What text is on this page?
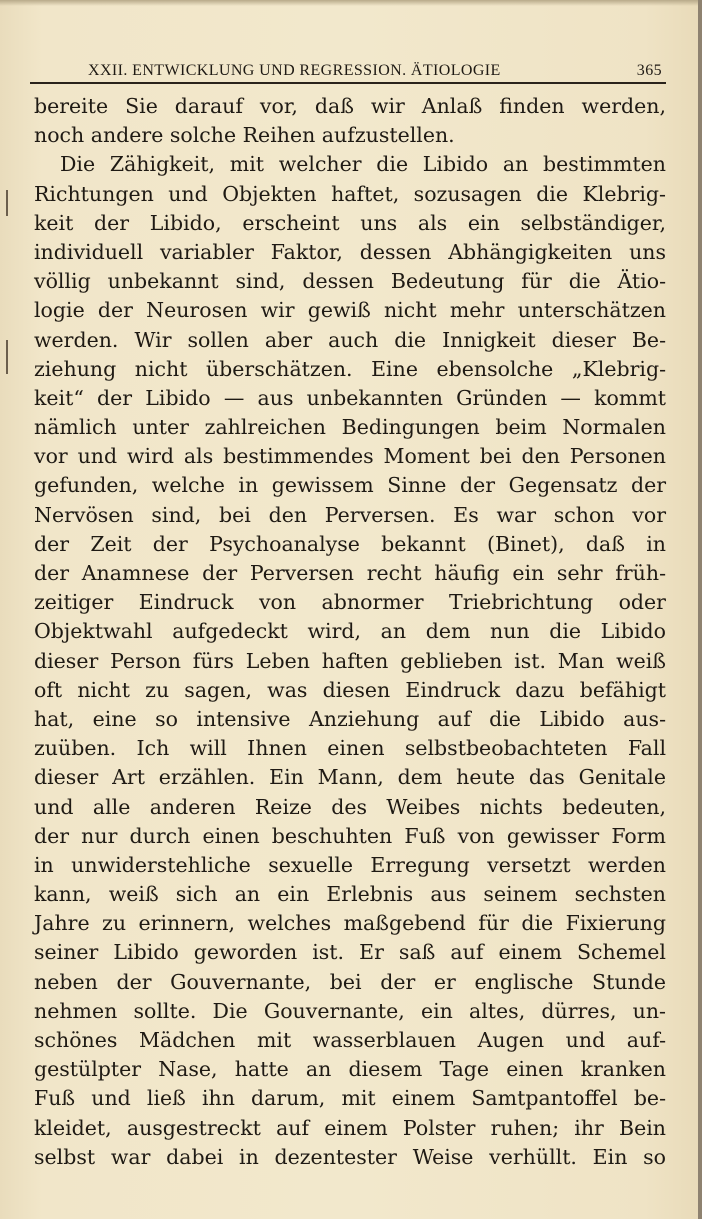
XXII. ENTWICKLUNG UND REGRESSION. ÄTIOLOGIE	365
bereite Sie darauf vor, daß wir Anlaß finden werden,
noch andere solche Reihen aufzustellen.
Die Zähigkeit, mit welcher die Libido an bestimmten
Richtungen und Objekten haftet, sozusagen die Klebrig-
keit der Libido, erscheint uns als ein selbständiger,
individuell variabler Faktor, dessen Abhängigkeiten uns
völlig unbekannt sind, dessen Bedeutung für die Ätio-
logie der Neurosen wir gewiß nicht mehr unterschätzen
werden. Wir sollen aber auch die Innigkeit dieser Be-
ziehung nicht überschätzen. Eine ebensolche „Klebrig-
keit“ der Libido — aus unbekannten Gründen — kommt
nämlich unter zahlreichen Bedingungen beim Normalen
vor und wird als bestimmendes Moment bei den Personen
gefunden, welche in gewissem Sinne der Gegensatz der
Nervösen sind, bei den Perversen. Es war schon vor
der Zeit der Psychoanalyse bekannt (Binet), daß in
der Anamnese der Perversen recht häufig ein sehr früh-
zeitiger Eindruck von abnormer Triebrichtung oder
Objektwahl aufgedeckt wird, an dem nun die Libido
dieser Person fürs Leben haften geblieben ist. Man weiß
oft nicht zu sagen, was diesen Eindruck dazu befähigt
hat, eine so intensive Anziehung auf die Libido aus-
zuüben. Ich will Ihnen einen selbstbeobachteten Fall
dieser Art erzählen. Ein Mann, dem heute das Genitale
und alle anderen Reize des Weibes nichts bedeuten,
der nur durch einen beschuhten Fuß von gewisser Form
in unwiderstehliche sexuelle Erregung versetzt werden
kann, weiß sich an ein Erlebnis aus seinem sechsten
Jahre zu erinnern, welches maßgebend für die Fixierung
seiner Libido geworden ist. Er saß auf einem Schemel
neben der Gouvernante, bei der er englische Stunde
nehmen sollte. Die Gouvernante, ein altes, dürres, un-
schönes Mädchen mit wasserblauen Augen und auf-
gestülpter Nase, hatte an diesem Tage einen kranken
Fuß und ließ ihn darum, mit einem Samtpantoffel be-
kleidet, ausgestreckt auf einem Polster ruhen; ihr Bein
selbst war dabei in dezentester Weise verhüllt. Ein so
